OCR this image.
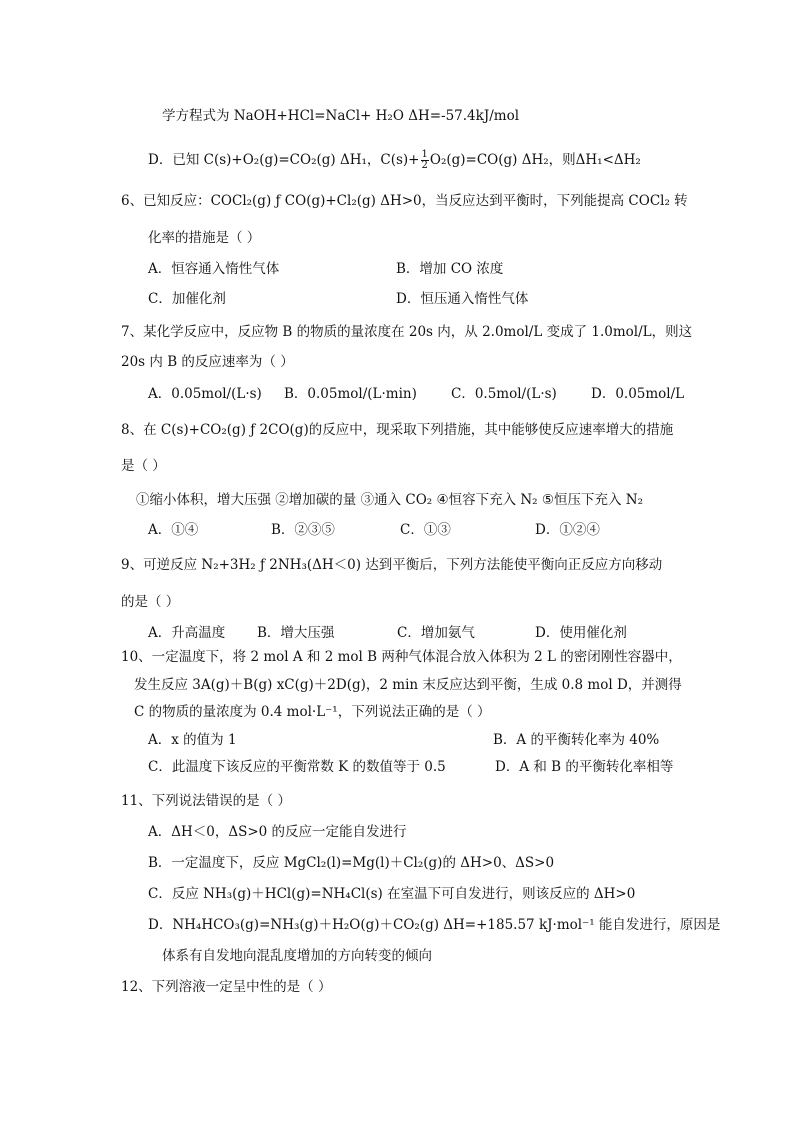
学方程式为 NaOH+HCl=NaCl+ H₂O ΔH=-57.4kJ/mol
D．已知 C(s)+O₂(g)=CO₂(g) ΔH₁，$C(s)+ \frac{1}{2} O_2(g)=CO(g)$ ΔH₂，则ΔH₁<ΔH₂
6、已知反应：COCl₂(g) ƒ CO(g)+Cl₂(g) ΔH>0，当反应达到平衡时，下列能提高 COCl₂ 转
化率的措施是（ ）
A．恒容通入惰性气体	B．增加 CO 浓度
C．加催化剂	D．恒压通入惰性气体
7、某化学反应中，反应物 B 的物质的量浓度在 20s 内，从 2.0mol/L 变成了 1.0mol/L，则这
20s 内 B 的反应速率为（ ）
A．0.05mol/(L·s) B．0.05mol/(L·min)	C．0.5mol/(L·s)	D．0.05mol/L
8、在 C(s)+CO₂(g) ƒ 2CO(g)的反应中，现采取下列措施，其中能够使反应速率增大的措施
是（ ）
①缩小体积，增大压强 ②增加碳的量 ③通入 CO₂ ④恒容下充入 N₂ ⑤恒压下充入 N₂
A．①④	B．②③⑤	C．①③	D．①②④
9、可逆反应 N₂+3H₂ ƒ 2NH₃(ΔH＜0) 达到平衡后，下列方法能使平衡向正反应方向移动
的是（ ）
A．升高温度 B．增大压强	C．增加氨气	D．使用催化剂
10、一定温度下，将 2 mol A 和 2 mol B 两种气体混合放入体积为 2 L 的密闭刚性容器中，
发生反应 3A(g)＋B(g) xC(g)＋2D(g)，2 min 末反应达到平衡，生成 0.8 mol D，并测得
C 的物质的量浓度为 0.4 mol·L⁻¹，下列说法正确的是（ ）
A．x 的值为 1	B．A 的平衡转化率为 40%
C．此温度下该反应的平衡常数 K 的数值等于 0.5	D．A 和 B 的平衡转化率相等
11、下列说法错误的是（ ）
A．ΔH＜0，ΔS>0 的反应一定能自发进行
B．一定温度下，反应 MgCl₂(l)=Mg(l)＋Cl₂(g)的 ΔH>0、ΔS>0
C．反应 NH₃(g)＋HCl(g)=NH₄Cl(s) 在室温下可自发进行，则该反应的 ΔH>0
D．NH₄HCO₃(g)=NH₃(g)＋H₂O(g)＋CO₂(g) ΔH=+185.57 kJ·mol⁻¹ 能自发进行，原因是
体系有自发地向混乱度增加的方向转变的倾向
12、下列溶液一定呈中性的是（ ）
